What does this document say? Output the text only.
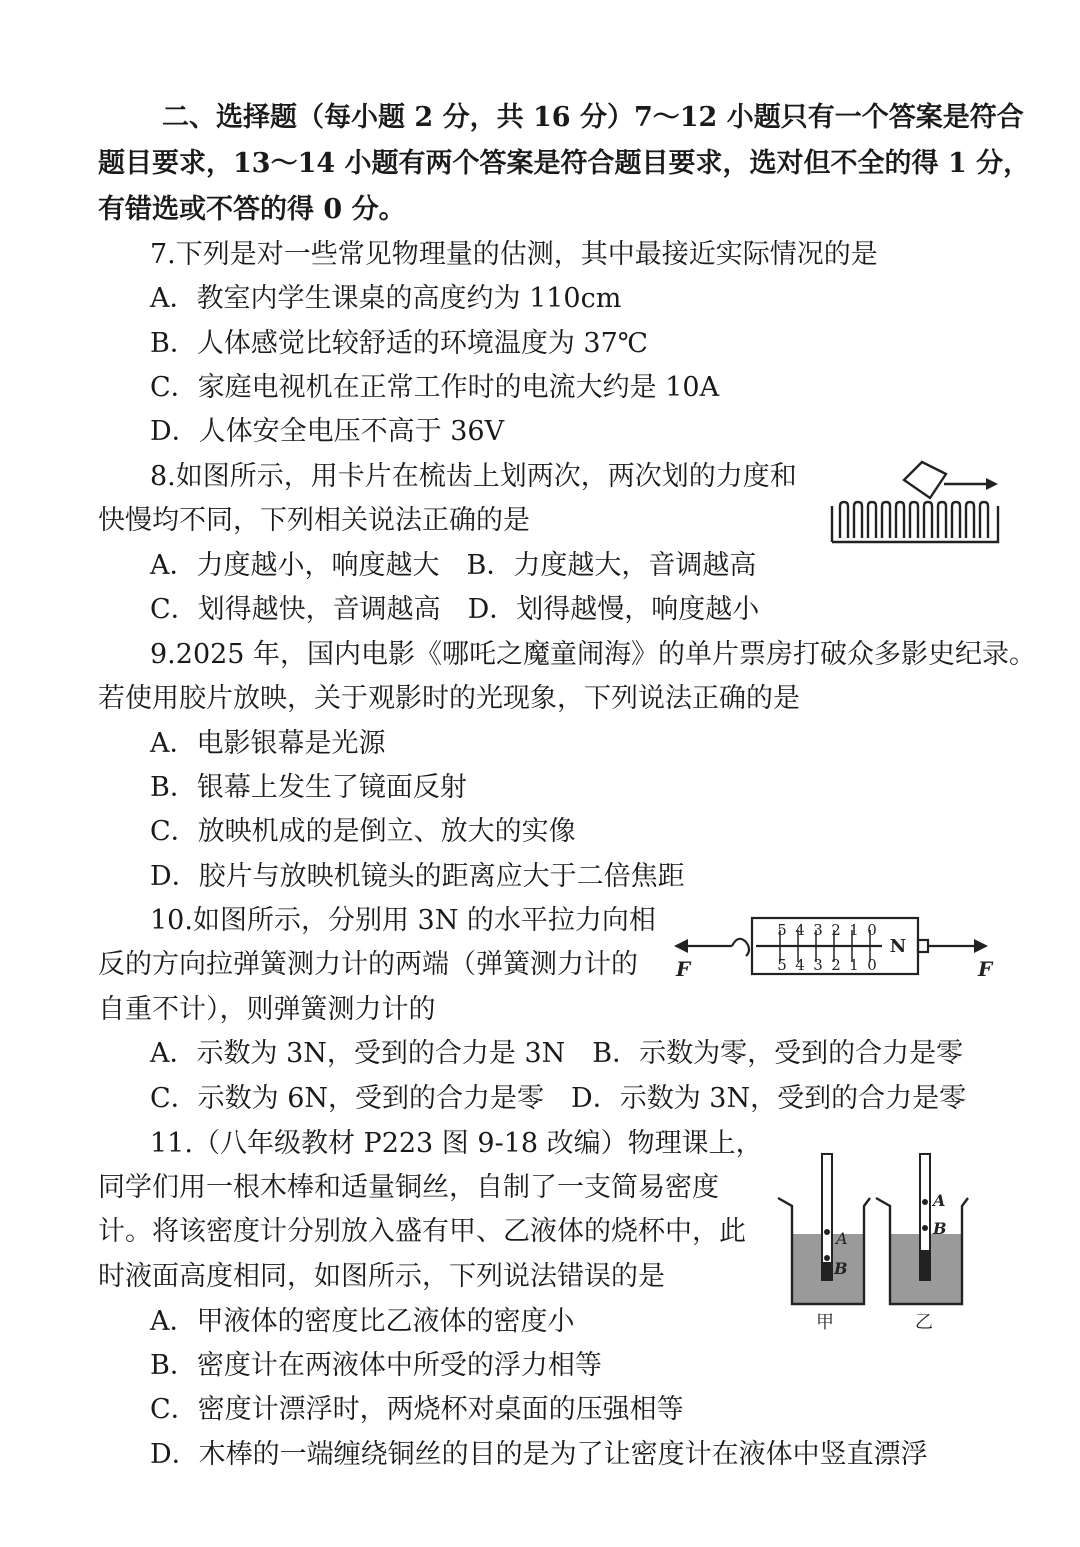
二、选择题（每小题 2 分，共 16 分）7～12 小题只有一个答案是符合
题目要求，13～14 小题有两个答案是符合题目要求，选对但不全的得 1 分，
有错选或不答的得 0 分。
7.下列是对一些常见物理量的估测，其中最接近实际情况的是
A．教室内学生课桌的高度约为 110cm
B．人体感觉比较舒适的环境温度为 37℃
C．家庭电视机在正常工作时的电流大约是 10A
D．人体安全电压不高于 36V
8.如图所示，用卡片在梳齿上划两次，两次划的力度和
快慢均不同，下列相关说法正确的是
A．力度越小，响度越大　B．力度越大，音调越高
C．划得越快，音调越高　D．划得越慢，响度越小
9.2025 年，国内电影《哪吒之魔童闹海》的单片票房打破众多影史纪录。
若使用胶片放映，关于观影时的光现象，下列说法正确的是
A．电影银幕是光源
B．银幕上发生了镜面反射
C．放映机成的是倒立、放大的实像
D．胶片与放映机镜头的距离应大于二倍焦距
10.如图所示，分别用 3N 的水平拉力向相
反的方向拉弹簧测力计的两端（弹簧测力计的
自重不计），则弹簧测力计的
A．示数为 3N，受到的合力是 3N　B．示数为零，受到的合力是零
C．示数为 6N，受到的合力是零　D．示数为 3N，受到的合力是零
0
1
2
3
4
5
0
1
2
3
4
5
N
F	F
11.（八年级教材 P223 图 9-18 改编）物理课上，
同学们用一根木棒和适量铜丝，自制了一支简易密度
计。将该密度计分别放入盛有甲、乙液体的烧杯中，此
时液面高度相同，如图所示，下列说法错误的是
A．甲液体的密度比乙液体的密度小
B．密度计在两液体中所受的浮力相等
C．密度计漂浮时，两烧杯对桌面的压强相等
D．木棒的一端缠绕铜丝的目的是为了让密度计在液体中竖直漂浮
A
B
A
B
甲	乙
